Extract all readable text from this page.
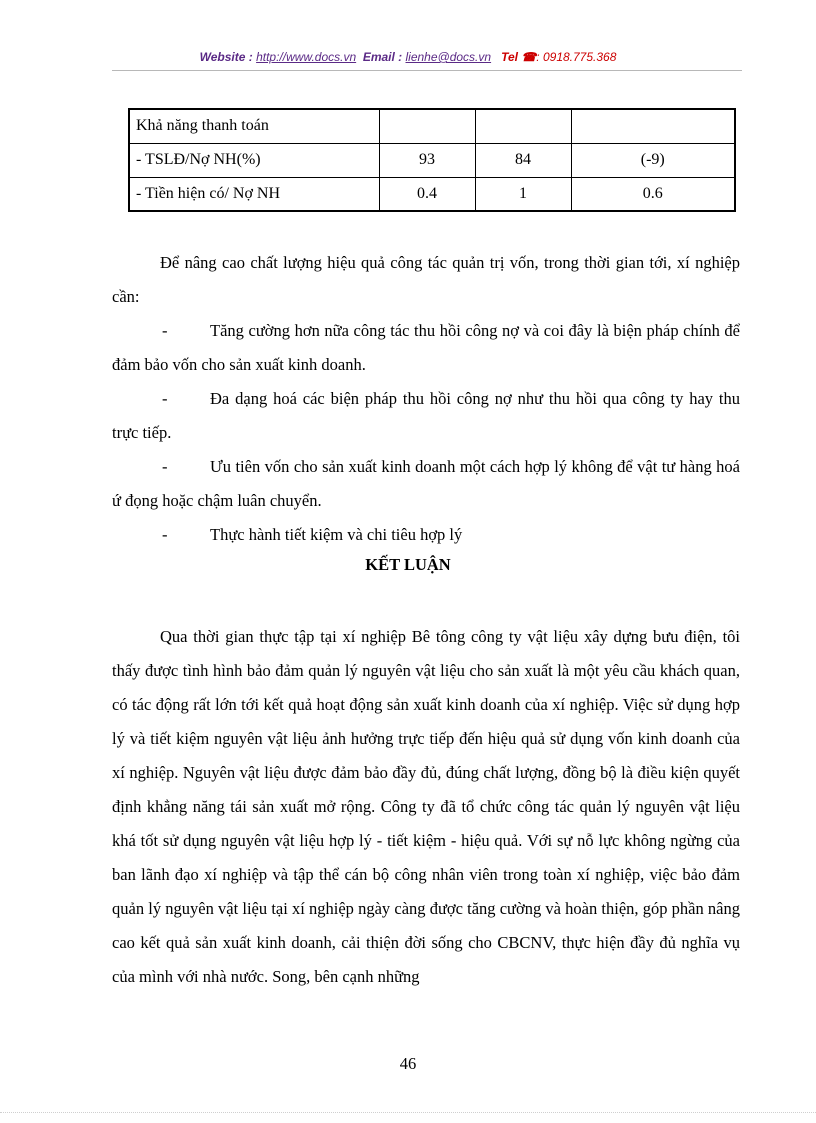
Website : http://www.docs.vn Email : lienhe@docs.vn Tel ☎: 0918.775.368
Khả năng thanh toán			
- TSLĐ/Nợ NH(%)	93	84	(-9)
- Tiền hiện có/ Nợ NH	0.4	1	0.6

Để nâng cao chất lượng hiệu quả công tác quản trị vốn, trong thời gian tới, xí nghiệp cần:

-	Tăng cường hơn nữa công tác thu hồi công nợ và coi đây là biện pháp chính để đảm bảo vốn cho sản xuất kinh doanh.

-	Đa dạng hoá các biện pháp thu hồi công nợ như thu hồi qua công ty hay thu trực tiếp.

-	Ưu tiên vốn cho sản xuất kinh doanh một cách hợp lý không để vật tư hàng hoá ứ đọng hoặc chậm luân chuyển.

-	Thực hành tiết kiệm và chi tiêu hợp lý

KẾT LUẬN

Qua thời gian thực tập tại xí nghiệp Bê tông công ty vật liệu xây dựng bưu điện, tôi thấy được tình hình bảo đảm quản lý nguyên vật liệu cho sản xuất là một yêu cầu khách quan, có tác động rất lớn tới kết quả hoạt động sản xuất kinh doanh của xí nghiệp. Việc sử dụng hợp lý và tiết kiệm nguyên vật liệu ảnh hưởng trực tiếp đến hiệu quả sử dụng vốn kinh doanh của xí nghiệp. Nguyên vật liệu được đảm bảo đầy đủ, đúng chất lượng, đồng bộ là điều kiện quyết định khẳng năng tái sản xuất mở rộng. Công ty đã tổ chức công tác quản lý nguyên vật liệu khá tốt sử dụng nguyên vật liệu hợp lý - tiết kiệm - hiệu quả. Với sự nỗ lực không ngừng của ban lãnh đạo xí nghiệp và tập thể cán bộ công nhân viên trong toàn xí nghiệp, việc bảo đảm quản lý nguyên vật liệu tại xí nghiệp ngày càng được tăng cường và hoàn thiện, góp phần nâng cao kết quả sản xuất kinh doanh, cải thiện đời sống cho CBCNV, thực hiện đầy đủ nghĩa vụ của mình với nhà nước. Song, bên cạnh những

46
